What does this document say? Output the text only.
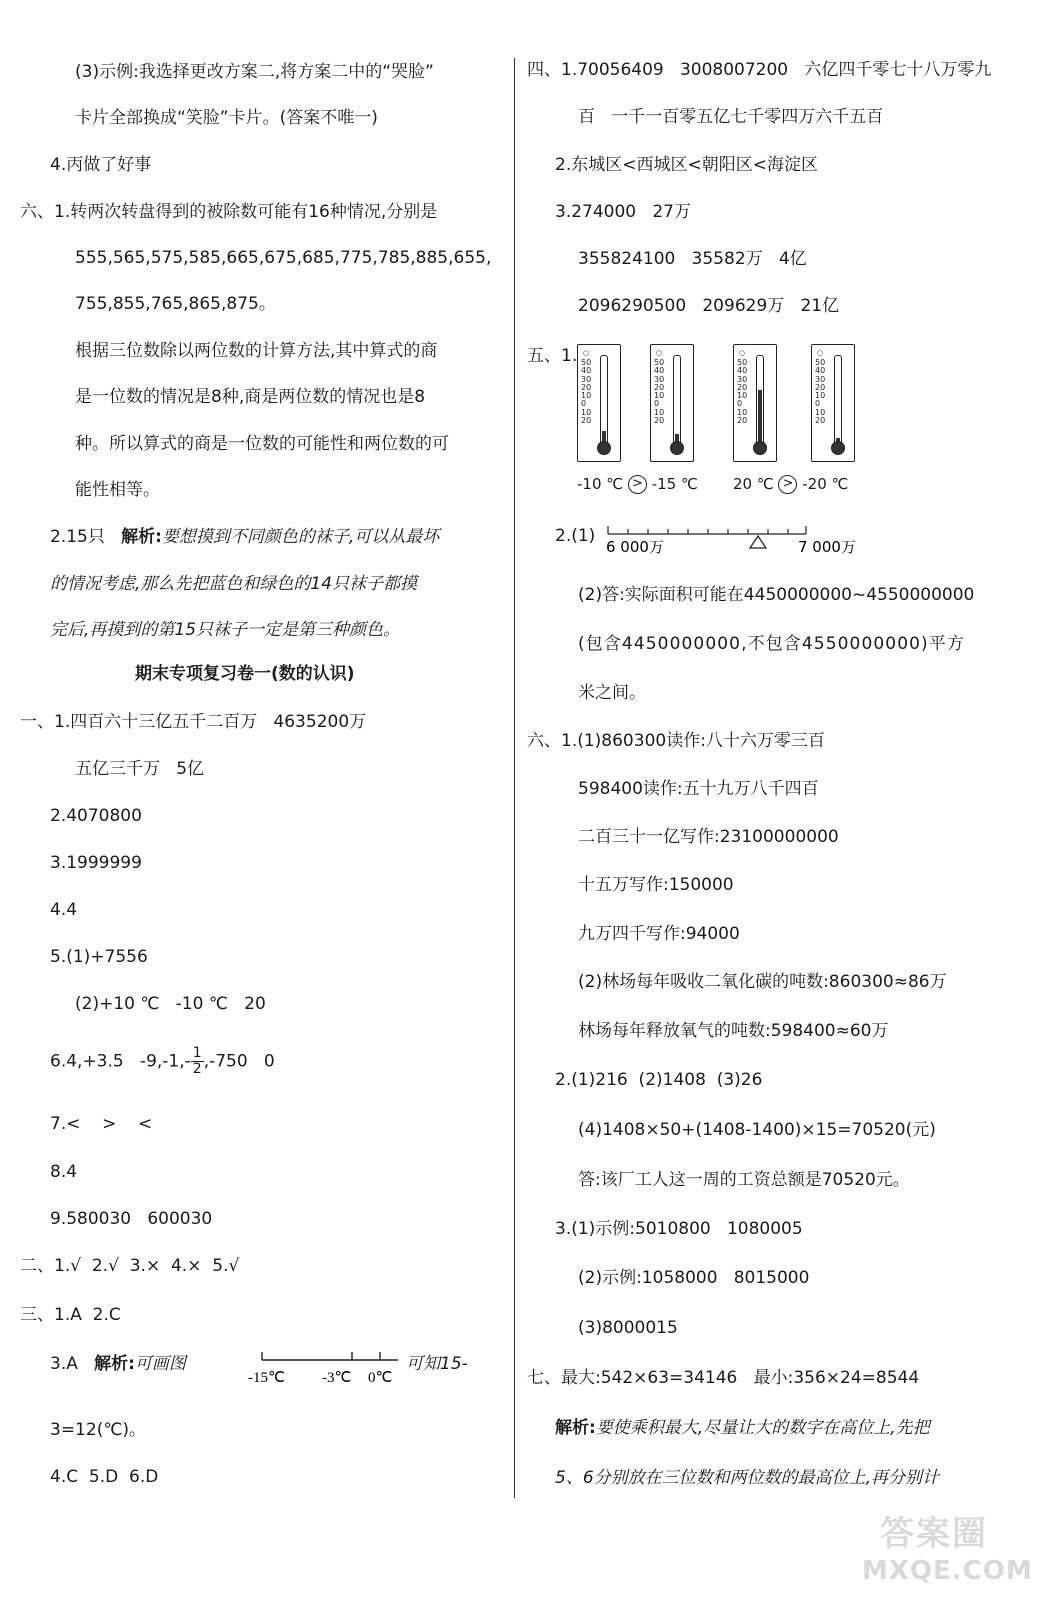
(3)示例:我选择更改方案二,将方案二中的“哭脸”
卡片全部换成“笑脸”卡片。(答案不唯一)
4.丙做了好事
六、1.转两次转盘得到的被除数可能有16种情况,分别是
555,565,575,585,665,675,685,775,785,885,655,
755,855,765,865,875。
根据三位数除以两位数的计算方法,其中算式的商
是一位数的情况是8种,商是两位数的情况也是8
种。所以算式的商是一位数的可能性和两位数的可
能性相等。
2.15只 解析:要想摸到不同颜色的袜子,可以从最坏
的情况考虑,那么先把蓝色和绿色的14只袜子都摸
完后,再摸到的第15只袜子一定是第三种颜色。
期末专项复习卷一(数的认识)
一、1.四百六十三亿五千二百万   4635200万
五亿三千万   5亿
2.4070800
3.1999999
4.4
5.(1)+7556
(2)+10 ℃   -10 ℃   20
6.4,+3.5   $-9,-1,- \frac{1}{2} ,-750$   0
7.<    >    <
8.4
9.580030   600030
二、1.√  2.√  3.×  4.×  5.√
三、1.A  2.C
3.A 解析:可画图
-15℃ -3℃ 0℃
可知15-
3=12(℃)。
4.C  5.D  6.D
四、1.70056409   3008007200   六亿四千零七十八万零九
百   一千一百零五亿七千零四万六千五百
2.东城区<西城区<朝阳区<海淀区
3.274000   27万
355824100   35582万   4亿
2096290500   209629万   21亿
五、1. ○
50
40
30
20
10
0
10
20
○
50
40
30
20
10
0
10
20
○
50
40
30
20
10
0
10
20
○
50
40
30
20
10
0
10
20
-10 ℃ > -15 ℃ 20 ℃ > -20 ℃
2.(1)
6 000万	7 000万
(2)答:实际面积可能在4450000000~4550000000
(包含4450000000,不包含4550000000)平方
米之间。
六、1.(1)860300读作:八十六万零三百
598400读作:五十九万八千四百
二百三十一亿写作:23100000000
十五万写作:150000
九万四千写作:94000
(2)林场每年吸收二氧化碳的吨数:860300≈86万
林场每年释放氧气的吨数:598400≈60万
2.(1)216  (2)1408  (3)26
(4)1408×50+(1408-1400)×15=70520(元)
答:该厂工人这一周的工资总额是70520元。
3.(1)示例:5010800   1080005
(2)示例:1058000   8015000
(3)8000015
七、最大:542×63=34146   最小:356×24=8544
解析:要使乘积最大,尽量让大的数字在高位上,先把
5、6分别放在三位数和两位数的最高位上,再分别计
答案圈
MXQE.COM
